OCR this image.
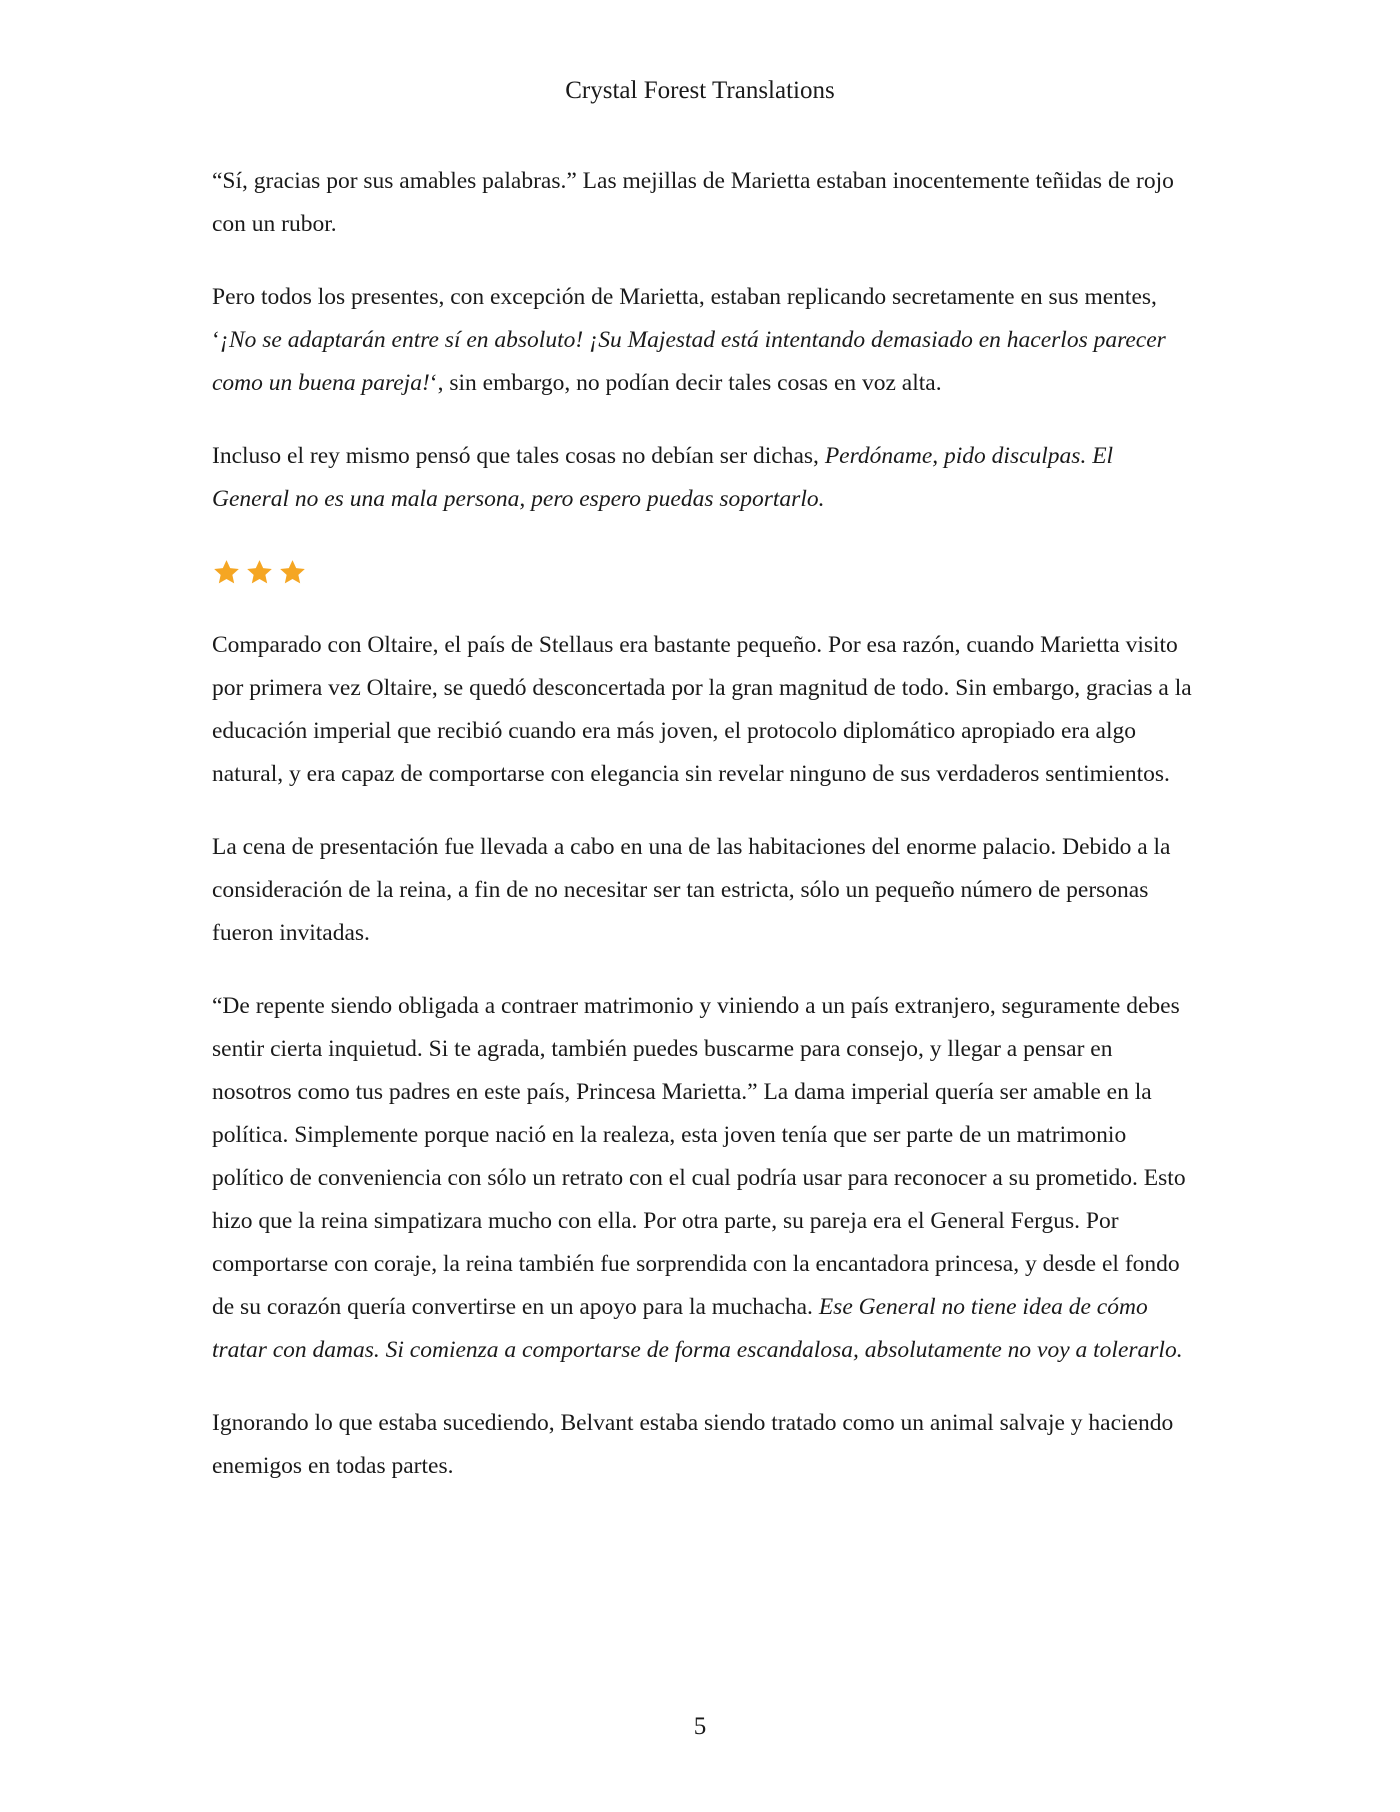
Crystal Forest Translations

“Sí, gracias por sus amables palabras.” Las mejillas de Marietta estaban inocentemente teñidas de rojo con un rubor.

Pero todos los presentes, con excepción de Marietta, estaban replicando secretamente en sus mentes, ‘¡No se adaptarán entre sí en absoluto! ¡Su Majestad está intentando demasiado en hacerlos parecer como un buena pareja!‘, sin embargo, no podían decir tales cosas en voz alta.

Incluso el rey mismo pensó que tales cosas no debían ser dichas, Perdóname, pido disculpas. El General no es una mala persona, pero espero puedas soportarlo.

Comparado con Oltaire, el país de Stellaus era bastante pequeño. Por esa razón, cuando Marietta visito por primera vez Oltaire, se quedó desconcertada por la gran magnitud de todo. Sin embargo, gracias a la educación imperial que recibió cuando era más joven, el protocolo diplomático apropiado era algo natural, y era capaz de comportarse con elegancia sin revelar ninguno de sus verdaderos sentimientos.

La cena de presentación fue llevada a cabo en una de las habitaciones del enorme palacio. Debido a la consideración de la reina, a fin de no necesitar ser tan estricta, sólo un pequeño número de personas fueron invitadas.

“De repente siendo obligada a contraer matrimonio y viniendo a un país extranjero, seguramente debes sentir cierta inquietud. Si te agrada, también puedes buscarme para consejo, y llegar a pensar en nosotros como tus padres en este país, Princesa Marietta.” La dama imperial quería ser amable en la política. Simplemente porque nació en la realeza, esta joven tenía que ser parte de un matrimonio político de conveniencia con sólo un retrato con el cual podría usar para reconocer a su prometido. Esto hizo que la reina simpatizara mucho con ella. Por otra parte, su pareja era el General Fergus. Por comportarse con coraje, la reina también fue sorprendida con la encantadora princesa, y desde el fondo de su corazón quería convertirse en un apoyo para la muchacha. Ese General no tiene idea de cómo tratar con damas. Si comienza a comportarse de forma escandalosa, absolutamente no voy a tolerarlo.

Ignorando lo que estaba sucediendo, Belvant estaba siendo tratado como un animal salvaje y haciendo enemigos en todas partes.

5
